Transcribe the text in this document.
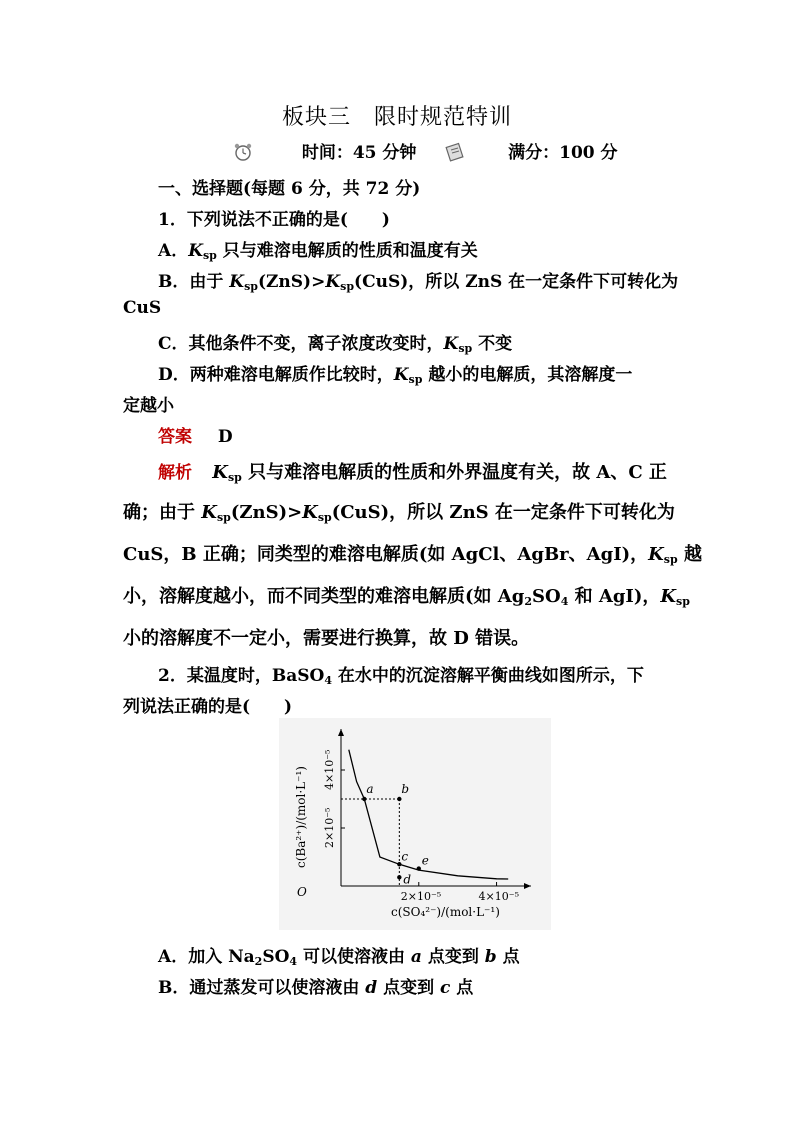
板块三　限时规范特训
时间：45 分钟	满分：100 分
一、选择题(每题 6 分，共 72 分)
1．下列说法不正确的是(　　)
A．$K_{sp}$ 只与难溶电解质的性质和温度有关
B．由于 $K_{sp}(ZnS)>K_{sp}(CuS)$，所以 ZnS 在一定条件下可转化为
CuS
C．其他条件不变，离子浓度改变时，$K_{sp}$ 不变
D．两种难溶电解质作比较时，$K_{sp}$ 越小的电解质，其溶解度一
定越小
答案 D
解析 $K_{sp}$ 只与难溶电解质的性质和外界温度有关，故 A、C 正
确；由于 $K_{sp}(ZnS)>K_{sp}(CuS)$，所以 ZnS 在一定条件下可转化为
CuS，B 正确；同类型的难溶电解质(如 AgCl、AgBr、AgI)，$K_{sp}$ 越
小，溶解度越小，而不同类型的难溶电解质(如 $Ag_2SO_4$ 和 AgI)，$K_{sp}$
小的溶解度不一定小，需要进行换算，故 D 错误。
2．某温度时，BaSO$_4$ 在水中的沉淀溶解平衡曲线如图所示，下
列说法正确的是(　　)
a b
c
d
e
O
c(Ba²⁺)/(mol·L⁻¹)
c(SO₄²⁻)/(mol·L⁻¹)
2×10⁻⁵	4×10⁻⁵
2×10⁻⁵
4×10⁻⁵
A．加入 $Na_2SO_4$ 可以使溶液由 a 点变到 b 点
B．通过蒸发可以使溶液由 d 点变到 c 点
